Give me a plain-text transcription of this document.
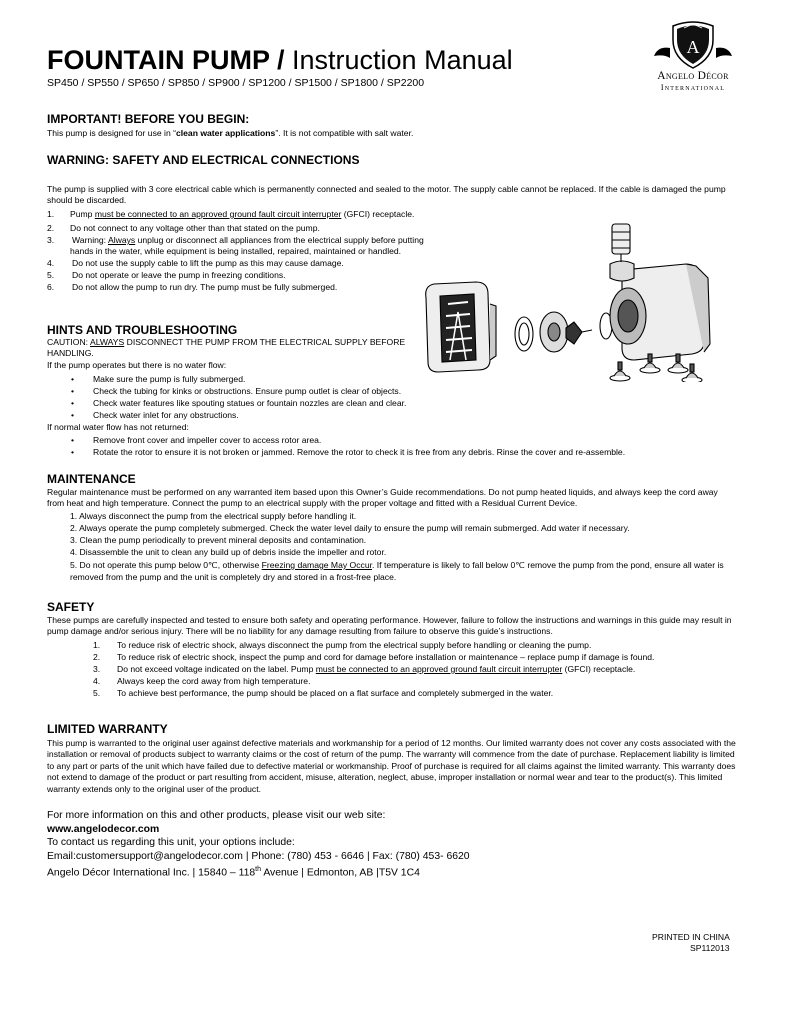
FOUNTAIN PUMP / Instruction Manual
SP450 / SP550 / SP650 / SP850 / SP900 / SP1200 / SP1500 / SP1800 / SP2200
A
Angelo Décor
International
IMPORTANT! BEFORE YOU BEGIN:
This pump is designed for use in “clean water applications”. It is not compatible with salt water.
WARNING: SAFETY AND ELECTRICAL CONNECTIONS
The pump is supplied with 3 core electrical cable which is permanently connected and sealed to the motor. The supply cable cannot be replaced. If the cable is damaged the pump should be discarded.
1. Pump must be connected to an approved ground fault circuit interrupter (GFCI) receptacle.
2. Do not connect to any voltage other than that stated on the pump.
3. Warning: Always unplug or disconnect all appliances from the electrical supply before putting
hands in the water, while equipment is being installed, repaired, maintained or handled.
4. Do not use the supply cable to lift the pump as this may cause damage.
5. Do not operate or leave the pump in freezing conditions.
6. Do not allow the pump to run dry. The pump must be fully submerged.
HINTS AND TROUBLESHOOTING
CAUTION: ALWAYS DISCONNECT THE PUMP FROM THE ELECTRICAL SUPPLY BEFORE
HANDLING.
If the pump operates but there is no water flow:
• Make sure the pump is fully submerged.
• Check the tubing for kinks or obstructions. Ensure pump outlet is clear of objects.
• Check water features like spouting statues or fountain nozzles are clean and clear.
• Check water inlet for any obstructions.
If normal water flow has not returned:
• Remove front cover and impeller cover to access rotor area.
• Rotate the rotor to ensure it is not broken or jammed. Remove the rotor to check it is free from any debris. Rinse the cover and re-assemble.
MAINTENANCE
Regular maintenance must be performed on any warranted item based upon this Owner’s Guide recommendations. Do not pump heated liquids, and always keep the cord away from heat and high temperature. Connect the pump to an electrical supply with the proper voltage and fitted with a Residual Current Device.
1. Always disconnect the pump from the electrical supply before handling it.
2. Always operate the pump completely submerged. Check the water level daily to ensure the pump will remain submerged. Add water if necessary.
3. Clean the pump periodically to prevent mineral deposits and contamination.
4. Disassemble the unit to clean any build up of debris inside the impeller and rotor.
5. Do not operate this pump below 0℃, otherwise Freezing damage May Occur. If temperature is likely to fall below 0℃ remove the pump from the pond, ensure all water is
removed from the pump and the unit is completely dry and stored in a frost-free place.
SAFETY
These pumps are carefully inspected and tested to ensure both safety and operating performance. However, failure to follow the instructions and warnings in this guide may result in pump damage and/or serious injury. There will be no liability for any damage resulting from failure to observe this guide’s instructions.
1. To reduce risk of electric shock, always disconnect the pump from the electrical supply before handling or cleaning the pump.
2. To reduce risk of electric shock, inspect the pump and cord for damage before installation or maintenance – replace pump if damage is found.
3. Do not exceed voltage indicated on the label. Pump must be connected to an approved ground fault circuit interrupter (GFCI) receptacle.
4. Always keep the cord away from high temperature.
5. To achieve best performance, the pump should be placed on a flat surface and completely submerged in the water.
LIMITED WARRANTY
This pump is warranted to the original user against defective materials and workmanship for a period of 12 months. Our limited warranty does not cover any costs associated with the installation or removal of products subject to warranty claims or the cost of return of the pump. The warranty will commence from the date of purchase. Replacement liability is limited to any part or parts of the unit which have failed due to defective material or workmanship. Proof of purchase is required for all claims against the limited warranty. This warranty does not extend to damage of the product or part resulting from accident, misuse, alteration, neglect, abuse, improper installation or normal wear and tear to the product(s). This limited warranty extends only to the original user of the product.
For more information on this and other products, please visit our web site:
www.angelodecor.com
To contact us regarding this unit, your options include:
Email:customersupport@angelodecor.com | Phone: (780) 453 - 6646 | Fax: (780) 453- 6620
Angelo Décor International Inc. | 15840 – 118th Avenue | Edmonton, AB |T5V 1C4
PRINTED IN CHINA
SP112013
